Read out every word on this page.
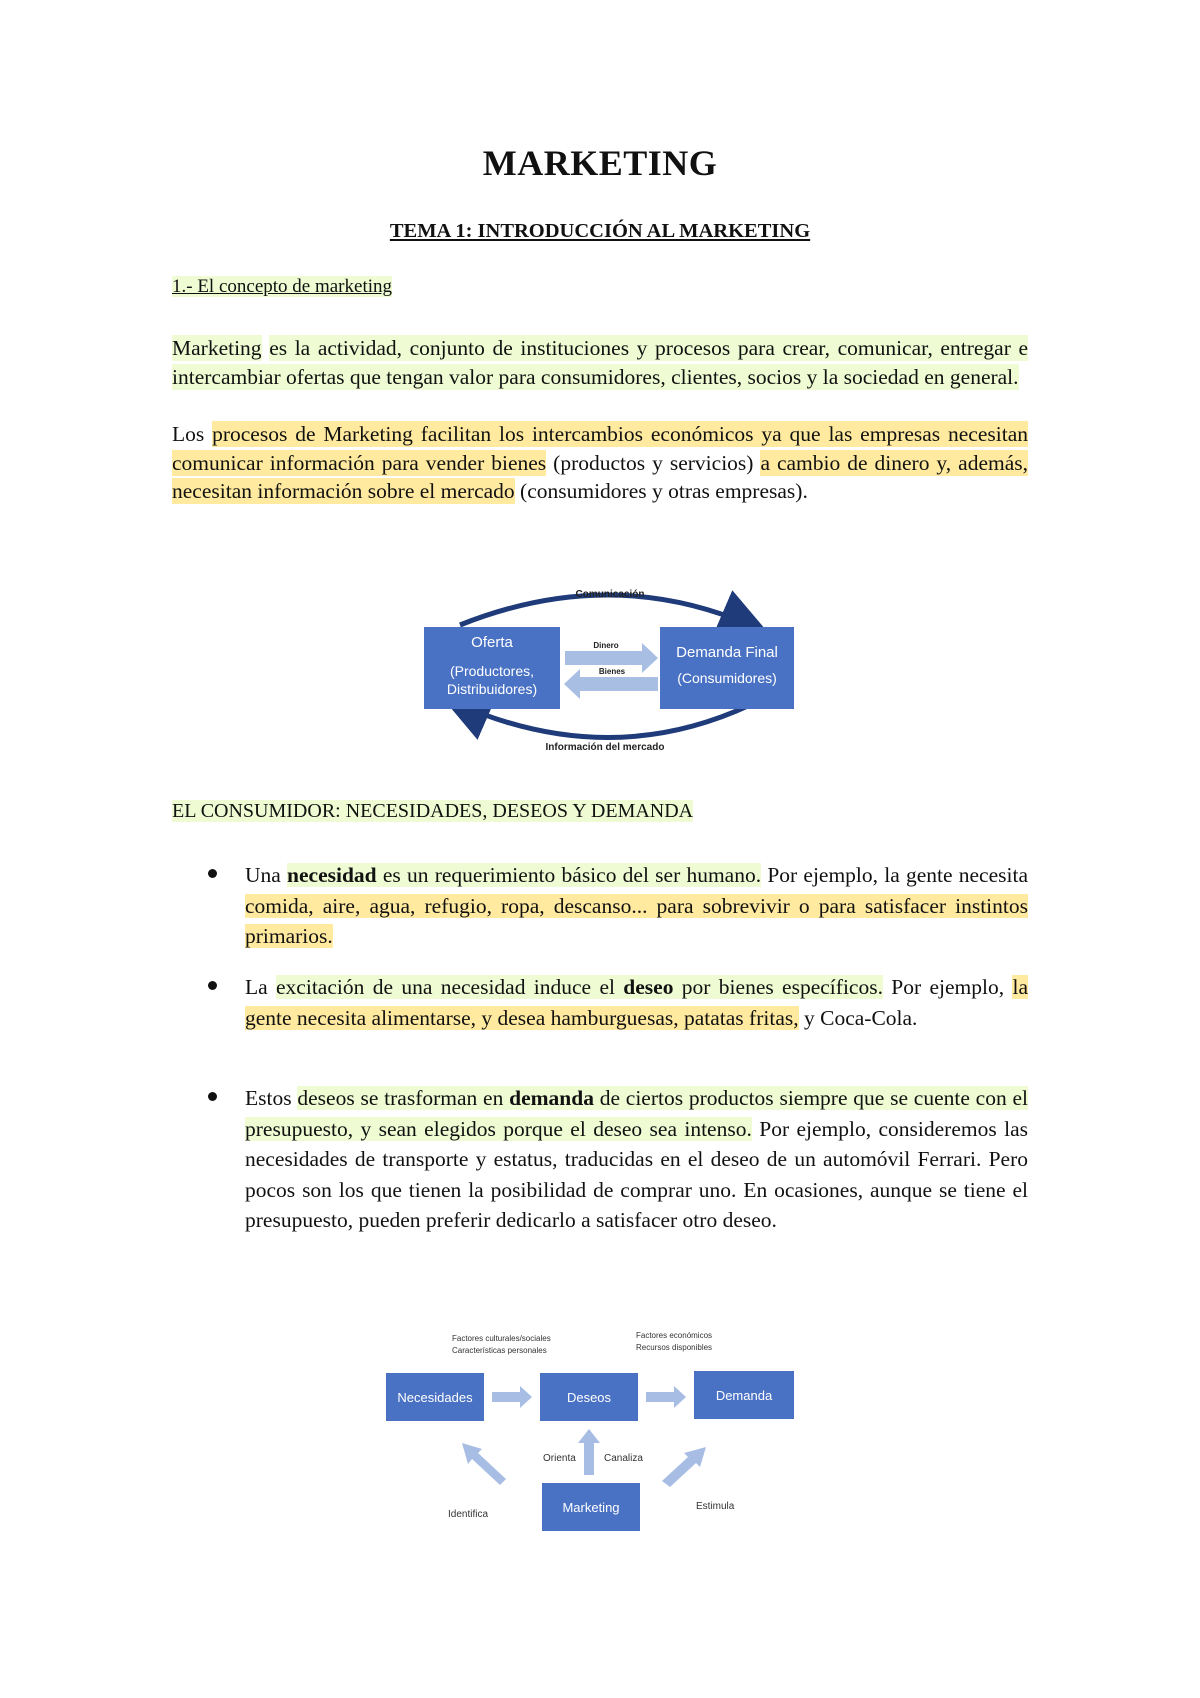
MARKETING
TEMA 1: INTRODUCCIÓN AL MARKETING
1.- El concepto de marketing
Marketing es la actividad, conjunto de instituciones y procesos para crear, comunicar, entregar e intercambiar ofertas que tengan valor para consumidores, clientes, socios y la sociedad en general.
Los procesos de Marketing facilitan los intercambios económicos ya que las empresas necesitan comunicar información para vender bienes (productos y servicios) a cambio de dinero y, además, necesitan información sobre el mercado (consumidores y otras empresas).
Comunicación
Información del mercado
Oferta
(Productores,
Distribuidores)
Demanda Final
(Consumidores)
Dinero
Bienes
EL CONSUMIDOR: NECESIDADES, DESEOS Y DEMANDA
Una necesidad es un requerimiento básico del ser humano. Por ejemplo, la gente necesita comida, aire, agua, refugio, ropa, descanso... para sobrevivir o para satisfacer instintos primarios.
La excitación de una necesidad induce el deseo por bienes específicos. Por ejemplo, la gente necesita alimentarse, y desea hamburguesas, patatas fritas, y Coca-Cola.
Estos deseos se trasforman en demanda de ciertos productos siempre que se cuente con el presupuesto, y sean elegidos porque el deseo sea intenso. Por ejemplo, consideremos las necesidades de transporte y estatus, traducidas en el deseo de un automóvil Ferrari. Pero pocos son los que tienen la posibilidad de comprar uno. En ocasiones, aunque se tiene el presupuesto, pueden preferir dedicarlo a satisfacer otro deseo.
Factores culturales/sociales
Características personales
Factores económicos
Recursos disponibles
Necesidades	Deseos	Demanda
Orienta	Canaliza
Marketing
Identifica
Estimula
